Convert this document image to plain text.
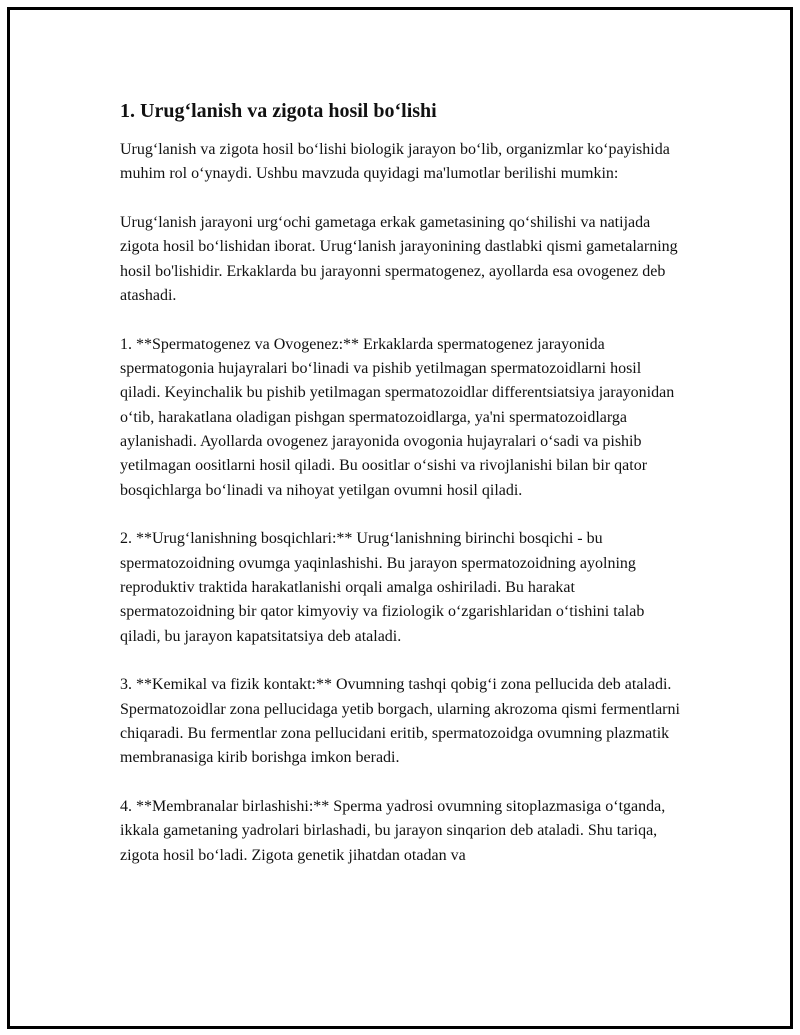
1. Urug‘lanish va zigota hosil bo‘lishi

Urug‘lanish va zigota hosil bo‘lishi biologik jarayon bo‘lib, organizmlar ko‘payishida muhim rol o‘ynaydi. Ushbu mavzuda quyidagi ma'lumotlar berilishi mumkin:

Urug‘lanish jarayoni urg‘ochi gametaga erkak gametasining qo‘shilishi va natijada zigota hosil bo‘lishidan iborat. Urug‘lanish jarayonining dastlabki qismi gametalarning hosil bo'lishidir. Erkaklarda bu jarayonni spermatogenez, ayollarda esa ovogenez deb atashadi.

1. **Spermatogenez va Ovogenez:** Erkaklarda spermatogenez jarayonida spermatogonia hujayralari bo‘linadi va pishib yetilmagan spermatozoidlarni hosil qiladi. Keyinchalik bu pishib yetilmagan spermatozoidlar differentsiatsiya jarayonidan o‘tib, harakatlana oladigan pishgan spermatozoidlarga, ya'ni spermatozoidlarga aylanishadi. Ayollarda ovogenez jarayonida ovogonia hujayralari o‘sadi va pishib yetilmagan oositlarni hosil qiladi. Bu oositlar o‘sishi va rivojlanishi bilan bir qator bosqichlarga bo‘linadi va nihoyat yetilgan ovumni hosil qiladi.

2. **Urug‘lanishning bosqichlari:** Urug‘lanishning birinchi bosqichi - bu spermatozoidning ovumga yaqinlashishi. Bu jarayon spermatozoidning ayolning reproduktiv traktida harakatlanishi orqali amalga oshiriladi. Bu harakat spermatozoidning bir qator kimyoviy va fiziologik o‘zgarishlaridan o‘tishini talab qiladi, bu jarayon kapatsitatsiya deb ataladi.

3. **Kemikal va fizik kontakt:** Ovumning tashqi qobig‘i zona pellucida deb ataladi. Spermatozoidlar zona pellucidaga yetib borgach, ularning akrozoma qismi fermentlarni chiqaradi. Bu fermentlar zona pellucidani eritib, spermatozoidga ovumning plazmatik membranasiga kirib borishga imkon beradi.

4. **Membranalar birlashishi:** Sperma yadrosi ovumning sitoplazmasiga o‘tganda, ikkala gametaning yadrolari birlashadi, bu jarayon sinqarion deb ataladi. Shu tariqa, zigota hosil bo‘ladi. Zigota genetik jihatdan otadan va
